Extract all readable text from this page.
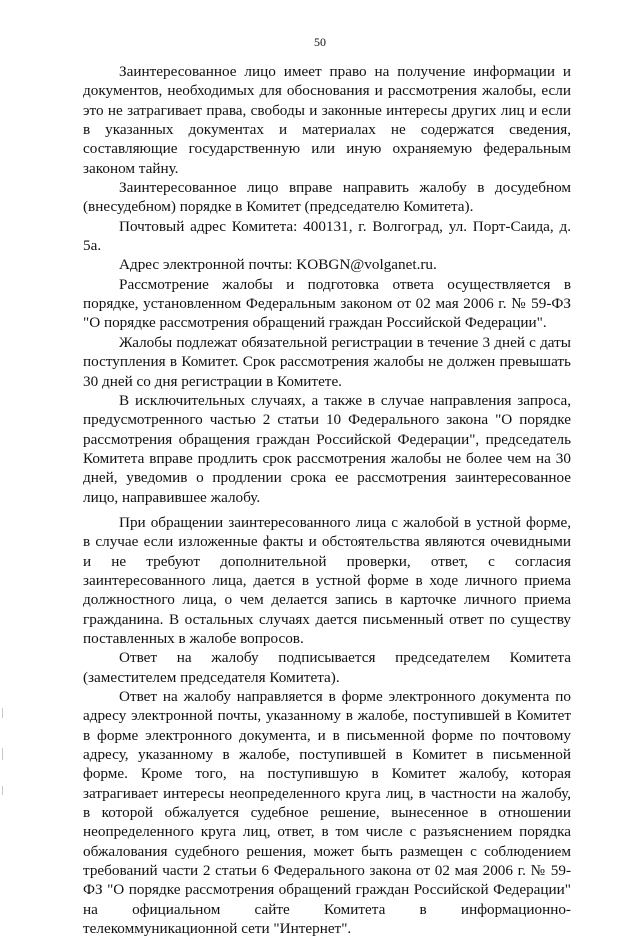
50

Заинтересованное лицо имеет право на получение информации и документов, необходимых для обоснования и рассмотрения жалобы, если это не затрагивает права, свободы и законные интересы других лиц и если в указанных документах и материалах не содержатся сведения, составляющие государственную или иную охраняемую федеральным законом тайну.

Заинтересованное лицо вправе направить жалобу в досудебном (внесудебном) порядке в Комитет (председателю Комитета).

Почтовый адрес Комитета: 400131, г. Волгоград, ул. Порт-Саида, д. 5а.

Адрес электронной почты: KOBGN@volganet.ru.

Рассмотрение жалобы и подготовка ответа осуществляется в порядке, установленном Федеральным законом от 02 мая 2006 г. № 59-ФЗ "О порядке рассмотрения обращений граждан Российской Федерации".

Жалобы подлежат обязательной регистрации в течение 3 дней с даты поступления в Комитет. Срок рассмотрения жалобы не должен превышать 30 дней со дня регистрации в Комитете.

В исключительных случаях, а также в случае направления запроса, предусмотренного частью 2 статьи 10 Федерального закона "О порядке рассмотрения обращения граждан Российской Федерации", председатель Комитета вправе продлить срок рассмотрения жалобы не более чем на 30 дней, уведомив о продлении срока ее рассмотрения заинтересованное лицо, направившее жалобу.

При обращении заинтересованного лица с жалобой в устной форме, в случае если изложенные факты и обстоятельства являются очевидными и не требуют дополнительной проверки, ответ, с согласия заинтересованного лица, дается в устной форме в ходе личного приема должностного лица, о чем делается запись в карточке личного приема гражданина. В остальных случаях дается письменный ответ по существу поставленных в жалобе вопросов.

Ответ на жалобу подписывается председателем Комитета (заместителем председателя Комитета).

Ответ на жалобу направляется в форме электронного документа по адресу электронной почты, указанному в жалобе, поступившей в Комитет в форме электронного документа, и в письменной форме по почтовому адресу, указанному в жалобе, поступившей в Комитет в письменной форме. Кроме того, на поступившую в Комитет жалобу, которая затрагивает интересы неопределенного круга лиц, в частности на жалобу, в которой обжалуется судебное решение, вынесенное в отношении неопределенного круга лиц, ответ, в том числе с разъяснением порядка обжалования судебного решения, может быть размещен с соблюдением требований части 2 статьи 6 Федерального закона от 02 мая 2006 г. № 59-ФЗ "О порядке рассмотрения обращений граждан Российской Федерации" на официальном сайте Комитета в информационно-телекоммуникационной сети "Интернет".
